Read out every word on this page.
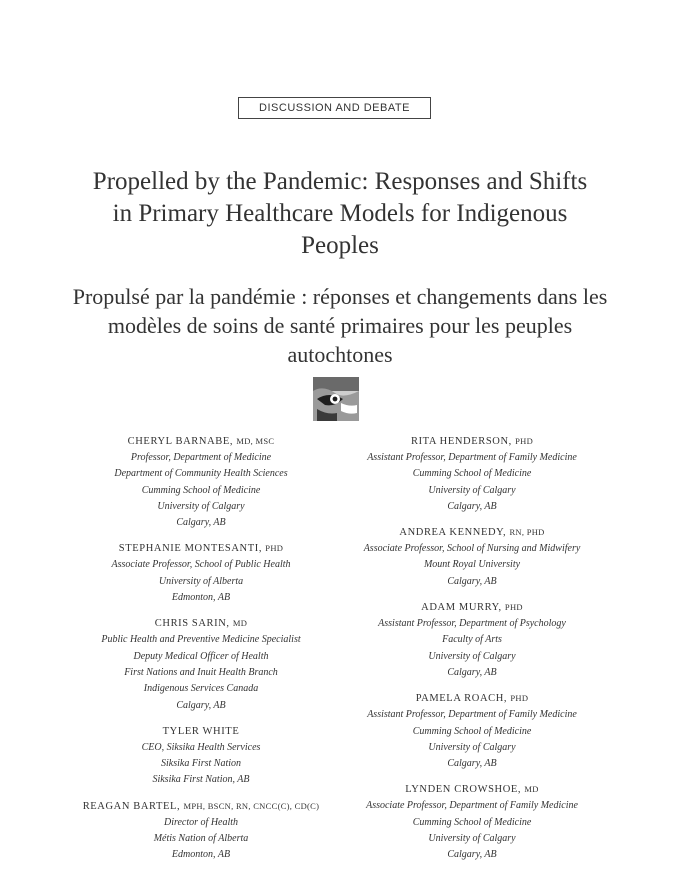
DISCUSSION AND DEBATE
Propelled by the Pandemic: Responses and Shifts in Primary Healthcare Models for Indigenous Peoples
Propulsé par la pandémie : réponses et changements dans les modèles de soins de santé primaires pour les peuples autochtones
CHERYL BARNABE, MD, MSC
Professor, Department of Medicine
Department of Community Health Sciences
Cumming School of Medicine
University of Calgary
Calgary, AB
STEPHANIE MONTESANTI, PHD
Associate Professor, School of Public Health
University of Alberta
Edmonton, AB
CHRIS SARIN, MD
Public Health and Preventive Medicine Specialist
Deputy Medical Officer of Health
First Nations and Inuit Health Branch
Indigenous Services Canada
Calgary, AB
TYLER WHITE
CEO, Siksika Health Services
Siksika First Nation
Siksika First Nation, AB
REAGAN BARTEL, MPH, BSCN, RN, CNCC(C), CD(C)
Director of Health
Métis Nation of Alberta
Edmonton, AB
RITA HENDERSON, PHD
Assistant Professor, Department of Family Medicine
Cumming School of Medicine
University of Calgary
Calgary, AB
ANDREA KENNEDY, RN, PHD
Associate Professor, School of Nursing and Midwifery
Mount Royal University
Calgary, AB
ADAM MURRY, PHD
Assistant Professor, Department of Psychology
Faculty of Arts
University of Calgary
Calgary, AB
PAMELA ROACH, PHD
Assistant Professor, Department of Family Medicine
Cumming School of Medicine
University of Calgary
Calgary, AB
LYNDEN CROWSHOE, MD
Associate Professor, Department of Family Medicine
Cumming School of Medicine
University of Calgary
Calgary, AB
